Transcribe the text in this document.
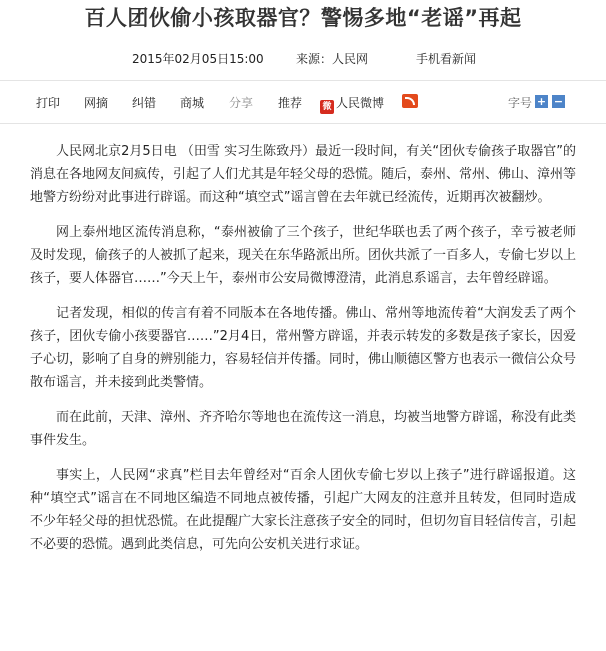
百人团伙偷小孩取器官？警惕多地“老谣”再起
2015年02月05日15:00	来源：人民网	手机看新闻
打印 网摘 纠错 商城 分享 推荐 微 人民微博	字号 + −

人民网北京2月5日电 （田雪 实习生陈致丹）最近一段时间，有关“团伙专偷孩子取器官”的消息在各地网友间疯传，引起了人们尤其是年轻父母的恐慌。随后，泰州、常州、佛山、漳州等地警方纷纷对此事进行辟谣。而这种“填空式”谣言曾在去年就已经流传，近期再次被翻炒。

网上泰州地区流传消息称，“泰州被偷了三个孩子，世纪华联也丢了两个孩子，幸亏被老师及时发现，偷孩子的人被抓了起来，现关在东华路派出所。团伙共派了一百多人，专偷七岁以上孩子，要人体器官……”今天上午，泰州市公安局微博澄清，此消息系谣言，去年曾经辟谣。

记者发现，相似的传言有着不同版本在各地传播。佛山、常州等地流传着“大润发丢了两个孩子，团伙专偷小孩要器官……”2月4日，常州警方辟谣，并表示转发的多数是孩子家长，因爱子心切，影响了自身的辨别能力，容易轻信并传播。同时，佛山顺德区警方也表示一微信公众号散布谣言，并未接到此类警情。

而在此前，天津、漳州、齐齐哈尔等地也在流传这一消息，均被当地警方辟谣，称没有此类事件发生。

事实上，人民网“求真”栏目去年曾经对“百余人团伙专偷七岁以上孩子”进行辟谣报道。这种“填空式”谣言在不同地区编造不同地点被传播，引起广大网友的注意并且转发，但同时造成不少年轻父母的担忧恐慌。在此提醒广大家长注意孩子安全的同时，但切勿盲目轻信传言，引起不必要的恐慌。遇到此类信息，可先向公安机关进行求证。
